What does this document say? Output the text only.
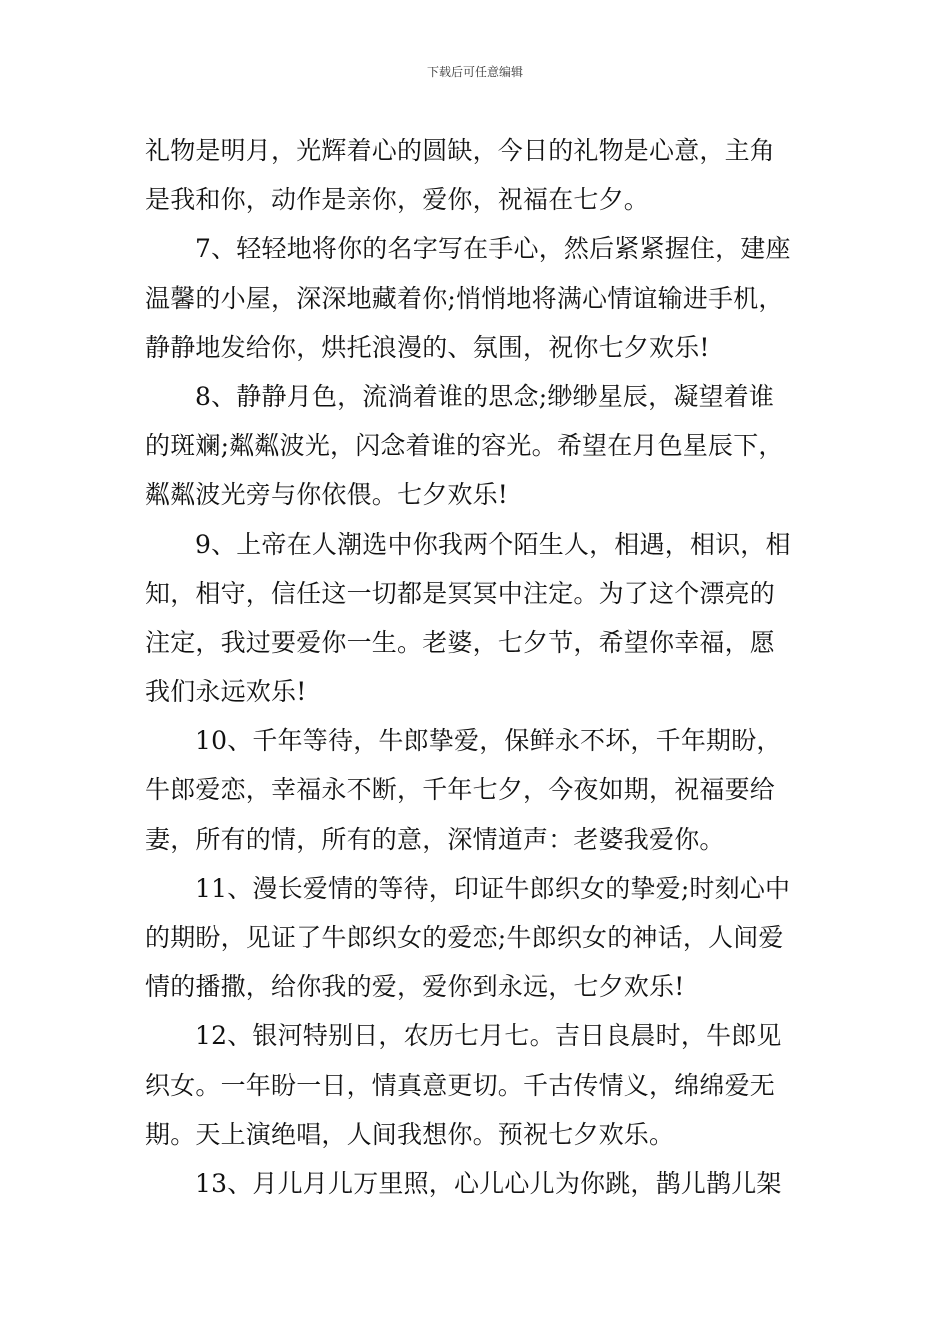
下载后可任意编辑
礼物是明月，光辉着心的圆缺，今日的礼物是心意，主角
是我和你，动作是亲你，爱你，祝福在七夕。
7、轻轻地将你的名字写在手心，然后紧紧握住，建座
温馨的小屋，深深地藏着你;悄悄地将满心情谊输进手机，
静静地发给你，烘托浪漫的、氛围，祝你七夕欢乐!
8、静静月色，流淌着谁的思念;缈缈星辰，凝望着谁
的斑斓;粼粼波光，闪念着谁的容光。希望在月色星辰下，
粼粼波光旁与你依偎。七夕欢乐!
9、上帝在人潮选中你我两个陌生人，相遇，相识，相
知，相守，信任这一切都是冥冥中注定。为了这个漂亮的
注定，我过要爱你一生。老婆，七夕节，希望你幸福，愿
我们永远欢乐!
10、千年等待，牛郎挚爱，保鲜永不坏，千年期盼，
牛郎爱恋，幸福永不断，千年七夕，今夜如期，祝福要给
妻，所有的情，所有的意，深情道声：老婆我爱你。
11、漫长爱情的等待，印证牛郎织女的挚爱;时刻心中
的期盼，见证了牛郎织女的爱恋;牛郎织女的神话，人间爱
情的播撒，给你我的爱，爱你到永远，七夕欢乐!
12、银河特别日，农历七月七。吉日良晨时，牛郎见
织女。一年盼一日，情真意更切。千古传情义，绵绵爱无
期。天上演绝唱，人间我想你。预祝七夕欢乐。
13、月儿月儿万里照，心儿心儿为你跳，鹊儿鹊儿架
